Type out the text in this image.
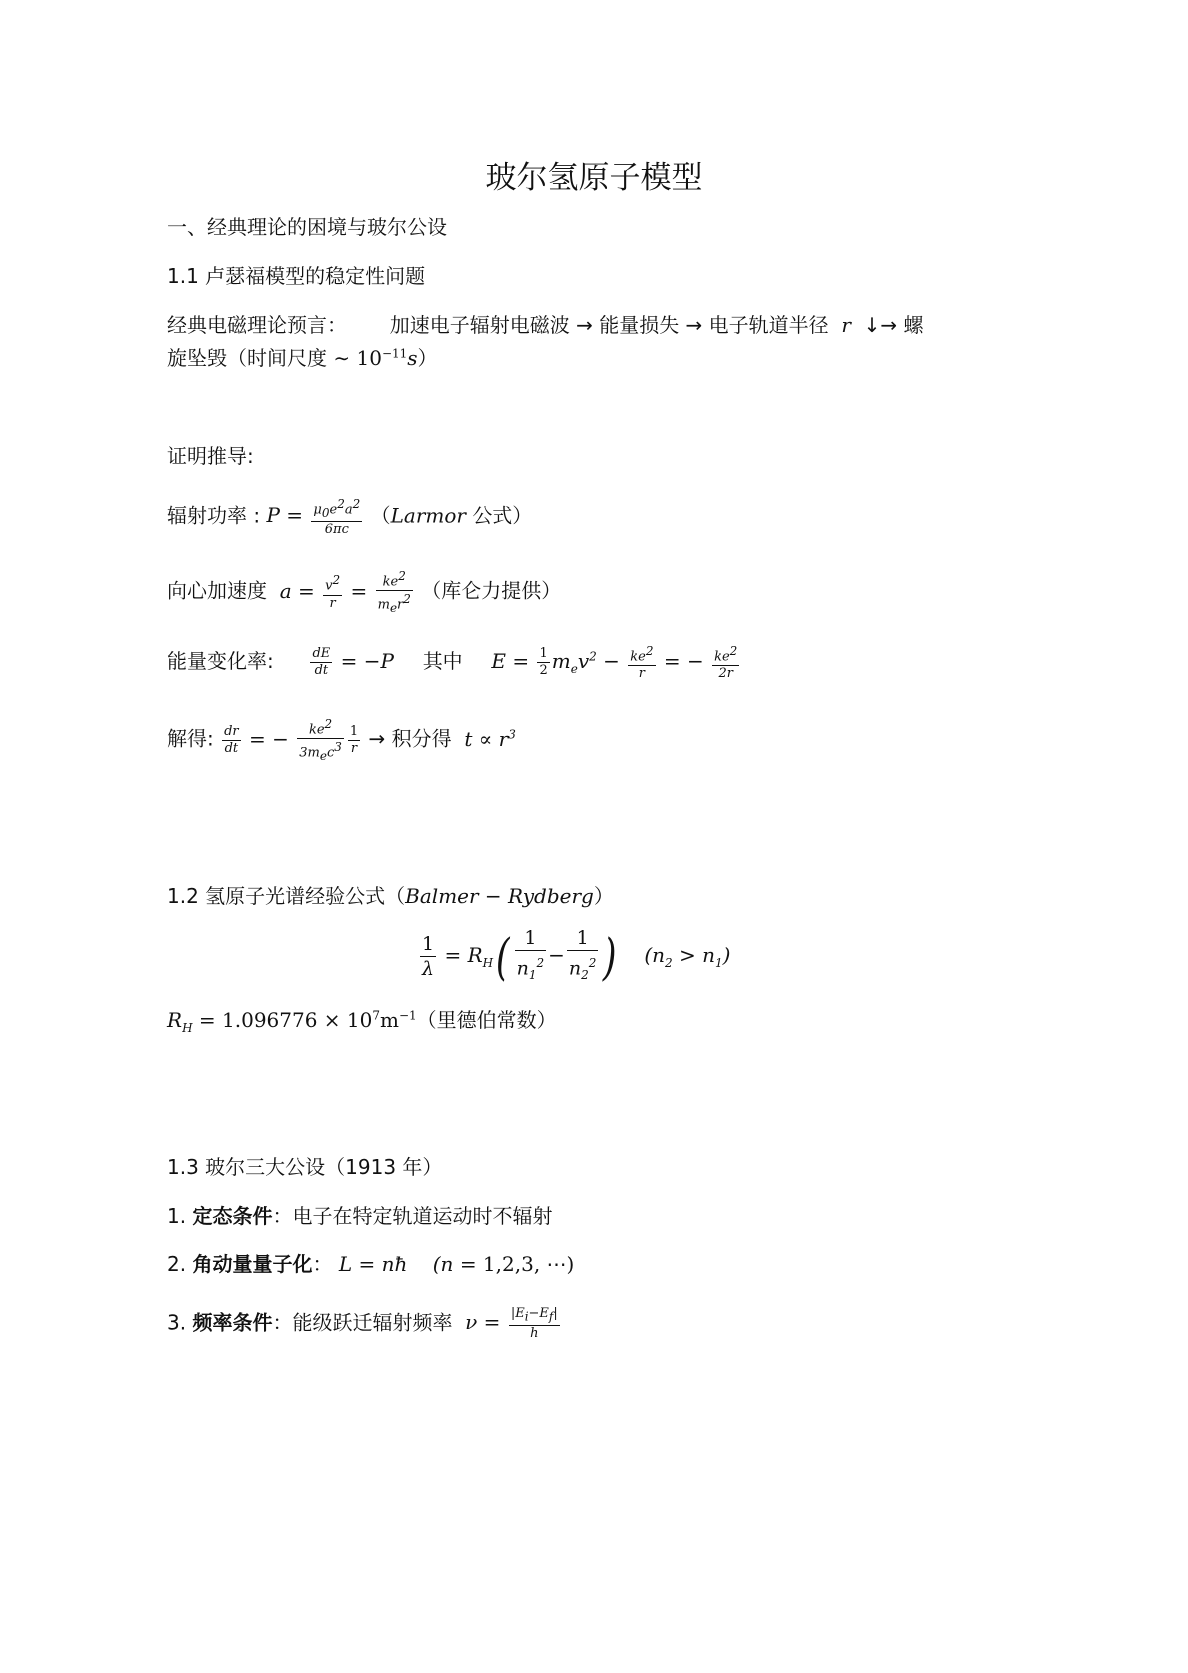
玻尔氢原子模型
一、经典理论的困境与玻尔公设
1.1 卢瑟福模型的稳定性问题
经典电磁理论预言： 加速电子辐射电磁波 → 能量损失 → 电子轨道半径  r  ↓→ 螺
旋坠毁（时间尺度 ∼ $10^{-11}s$）
证明推导:
辐射功率 : $P = \frac{\mu_0e^2a^2}{6\pi c}$ （Larmor 公式）
向心加速度  $a = \frac{v^2}{r} = \frac{ke^2}{m_er^2}$ （库仑力提供）
能量变化率:	$\frac{dE}{dt} = -P$  其中 $E = \frac{1}{2} m_ev^2 - \frac{ke^2}{r}$ = − $\frac{ke^2}{2r}$
解得: $\frac{dr}{dt}$ = − $\frac{ke^2}{3m_ec^3} \frac{1}{r}$ → 积分得  $t \propto r^3$
1.2 氢原子光谱经验公式（Balmer − Rydberg）
$\frac{1}{\lambda} = R_H( \frac{1}{n_1^2} - \frac{1}{n_2^2}$ ) $(n_2 > n_1)$
$R_H = 1.096776 \times 10^7m^{-1}$（里德伯常数）
1.3 玻尔三大公设（1913 年）
1. 定态条件：电子在特定轨道运动时不辐射
2. 角动量量子化： L = nħ    (n = 1,2,3, ⋯)
3. 频率条件：能级跃迁辐射频率  $\nu = \frac{|E_i-E_f|}{h}$
